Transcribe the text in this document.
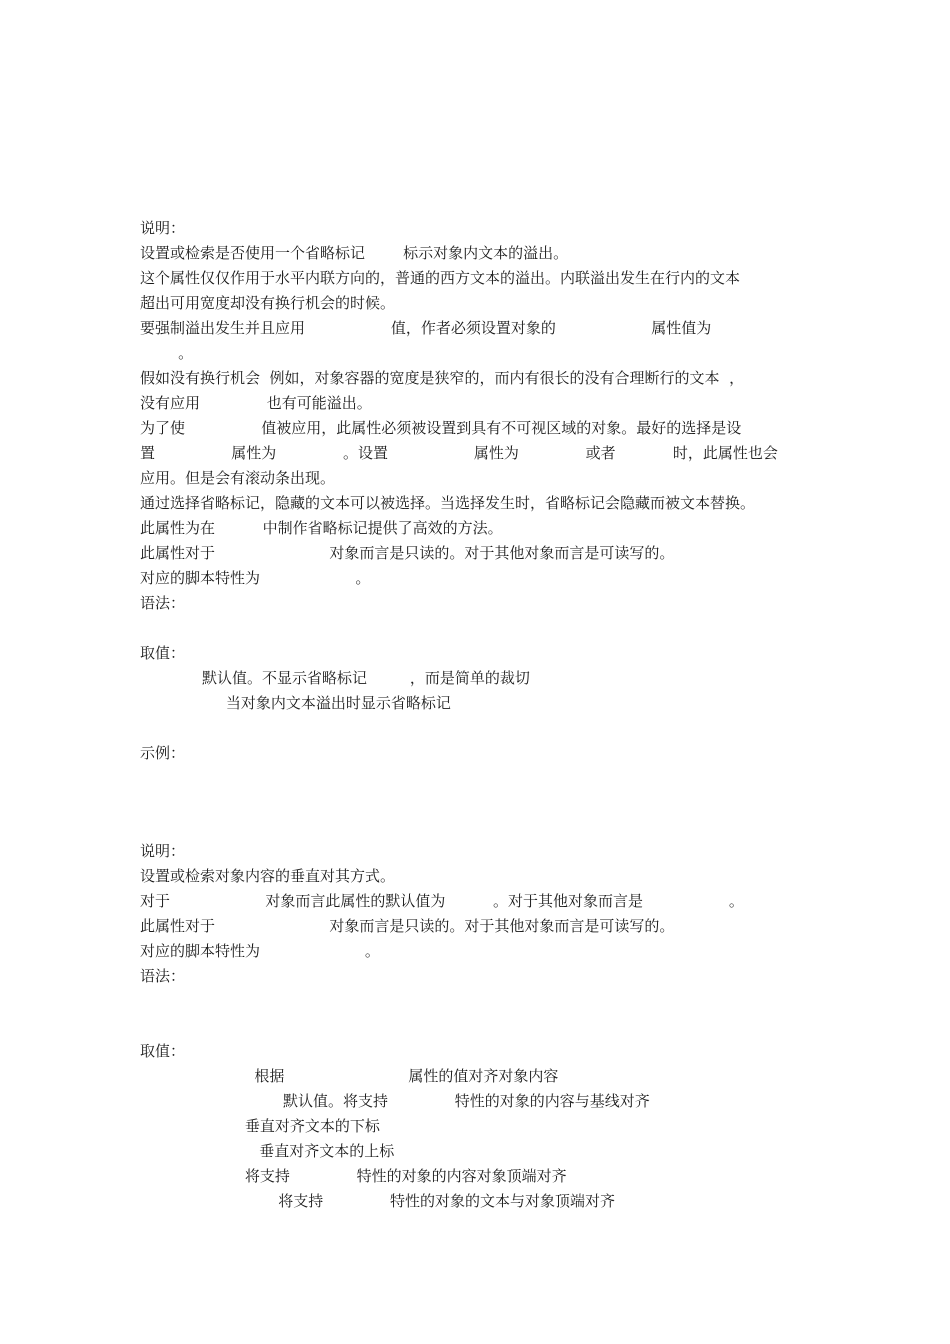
说明：
设置或检索是否使用一个省略标记        标示对象内文本的溢出。
这个属性仅仅作用于水平内联方向的，普通的西方文本的溢出。内联溢出发生在行内的文本
超出可用宽度却没有换行机会的时候。
要强制溢出发生并且应用                  值，作者必须设置对象的                    属性值为
。
假如没有换行机会  例如，对象容器的宽度是狭窄的，而内有很长的没有合理断行的文本  ，
没有应用              也有可能溢出。
为了使                值被应用，此属性必须被设置到具有不可视区域的对象。最好的选择是设
置                属性为              。设置                  属性为              或者            时，此属性也会
应用。但是会有滚动条出现。
通过选择省略标记，隐藏的文本可以被选择。当选择发生时，省略标记会隐藏而被文本替换。
此属性为在          中制作省略标记提供了高效的方法。
此属性对于                        对象而言是只读的。对于其他对象而言是可读写的。
对应的脚本特性为                    。
语法：
取值：
默认值。不显示省略标记         ，而是简单的裁切
当对象内文本溢出时显示省略标记
示例：
说明：
设置或检索对象内容的垂直对其方式。
对于                    对象而言此属性的默认值为          。对于其他对象而言是                  。
此属性对于                        对象而言是只读的。对于其他对象而言是可读写的。
对应的脚本特性为                      。
语法：
取值：
根据                          属性的值对齐对象内容
默认值。将支持              特性的对象的内容与基线对齐
垂直对齐文本的下标
垂直对齐文本的上标
将支持              特性的对象的内容对象顶端对齐
将支持              特性的对象的文本与对象顶端对齐
